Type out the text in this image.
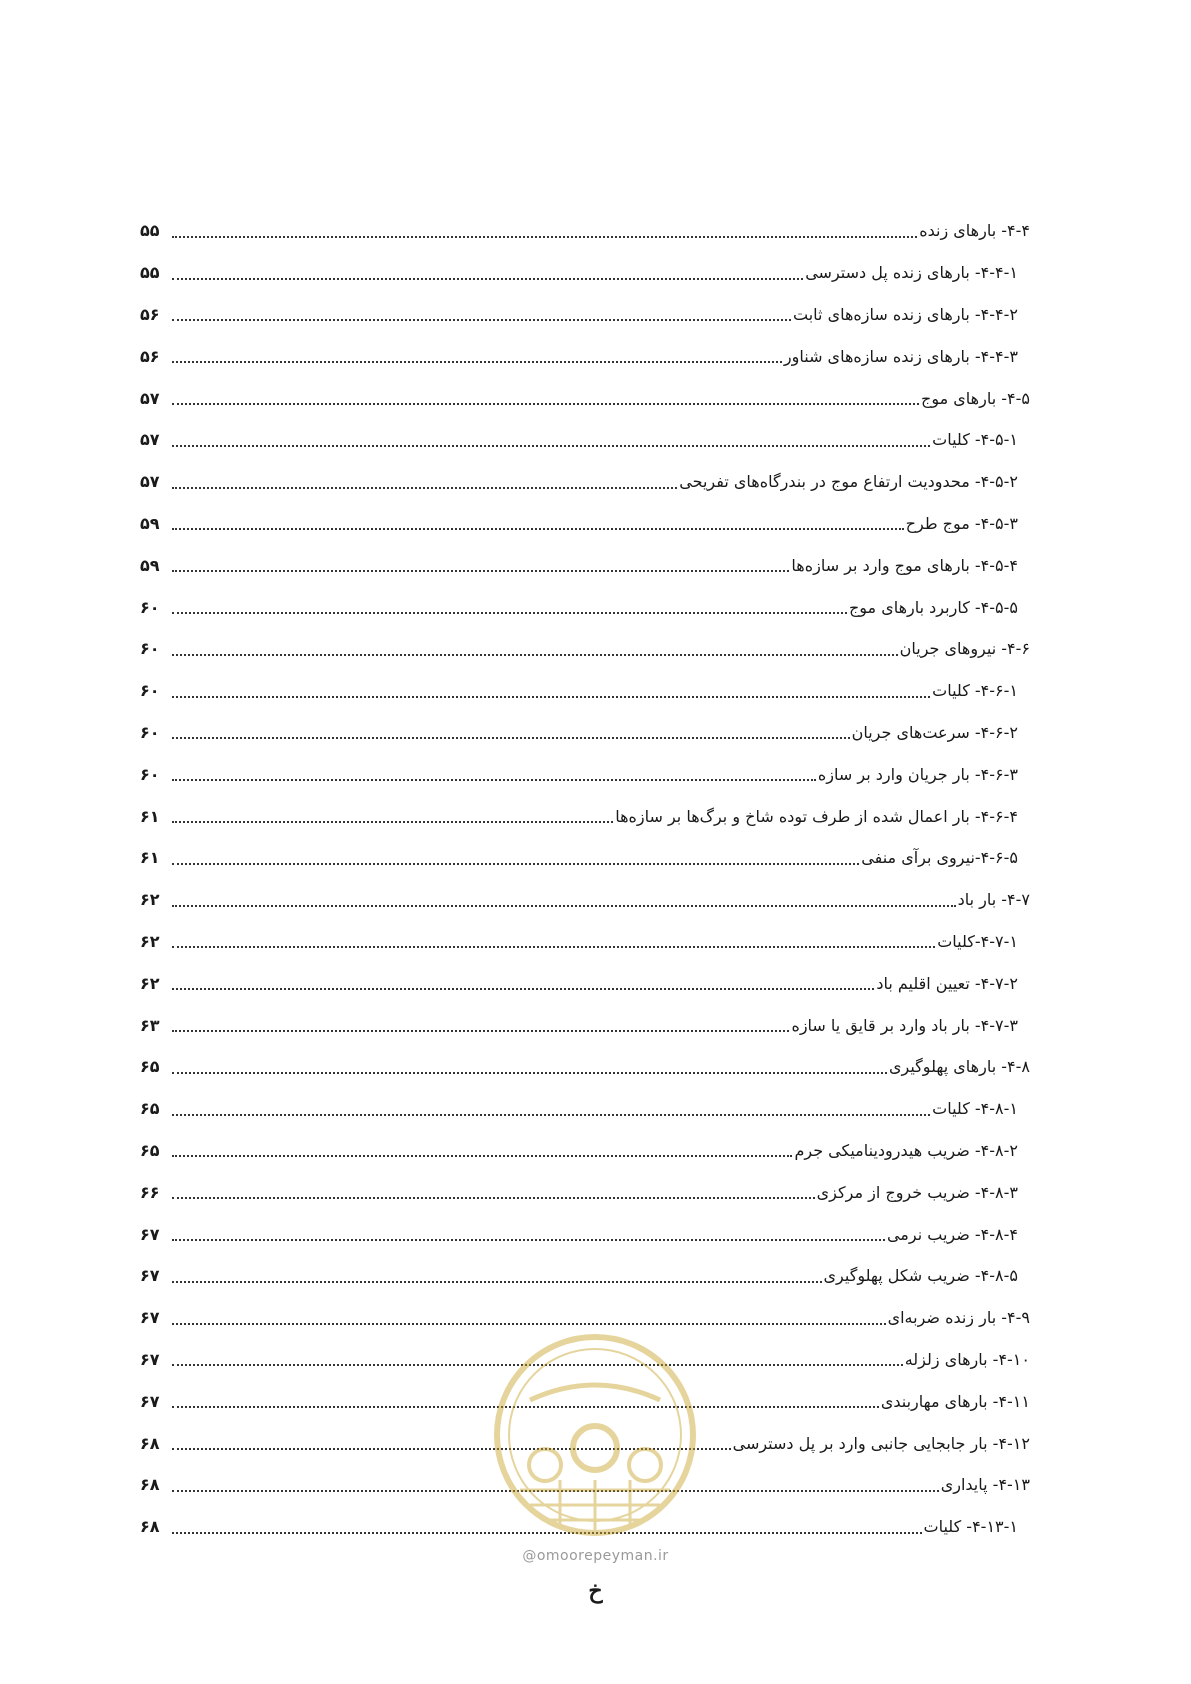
۴-۴- بارهای زنده
۵۵
۴-۴-۱- بارهای زنده پل دسترسی
۵۵
۴-۴-۲- بارهای زنده سازه‌های ثابت
۵۶
۴-۴-۳- بارهای زنده سازه‌های شناور
۵۶
۴-۵- بارهای موج
۵۷
۴-۵-۱- کلیات
۵۷
۴-۵-۲- محدودیت ارتفاع موج در بندرگاه‌های تفریحی
۵۷
۴-۵-۳- موج طرح
۵۹
۴-۵-۴- بارهای موج وارد بر سازه‌ها
۵۹
۴-۵-۵- کاربرد بارهای موج
۶۰
۴-۶- نیروهای جریان
۶۰
۴-۶-۱- کلیات
۶۰
۴-۶-۲- سرعت‌های جریان
۶۰
۴-۶-۳- بار جریان وارد بر سازه
۶۰
۴-۶-۴- بار اعمال شده از طرف توده شاخ و برگ‌ها بر سازه‌ها
۶۱
۴-۶-۵-نیروی برآی منفی
۶۱
۴-۷- بار باد
۶۲
۴-۷-۱-کلیات
۶۲
۴-۷-۲- تعیین اقلیم باد
۶۲
۴-۷-۳- بار باد وارد بر قایق یا سازه
۶۳
۴-۸- بارهای پهلوگیری
۶۵
۴-۸-۱- کلیات
۶۵
۴-۸-۲- ضریب هیدرودینامیکی جرم
۶۵
۴-۸-۳- ضریب خروج از مرکزی
۶۶
۴-۸-۴- ضریب نرمی
۶۷
۴-۸-۵- ضریب شکل پهلوگیری
۶۷
۴-۹- بار زنده ضربه‌ای
۶۷
۴-۱۰- بارهای زلزله
۶۷
۴-۱۱- بارهای مهاربندی
۶۷
۴-۱۲- بار جابجایی جانبی وارد بر پل دسترسی
۶۸
۴-۱۳- پایداری
۶۸
۴-۱۳-۱- کلیات
۶۸
@omoorepeyman.ir
خ
